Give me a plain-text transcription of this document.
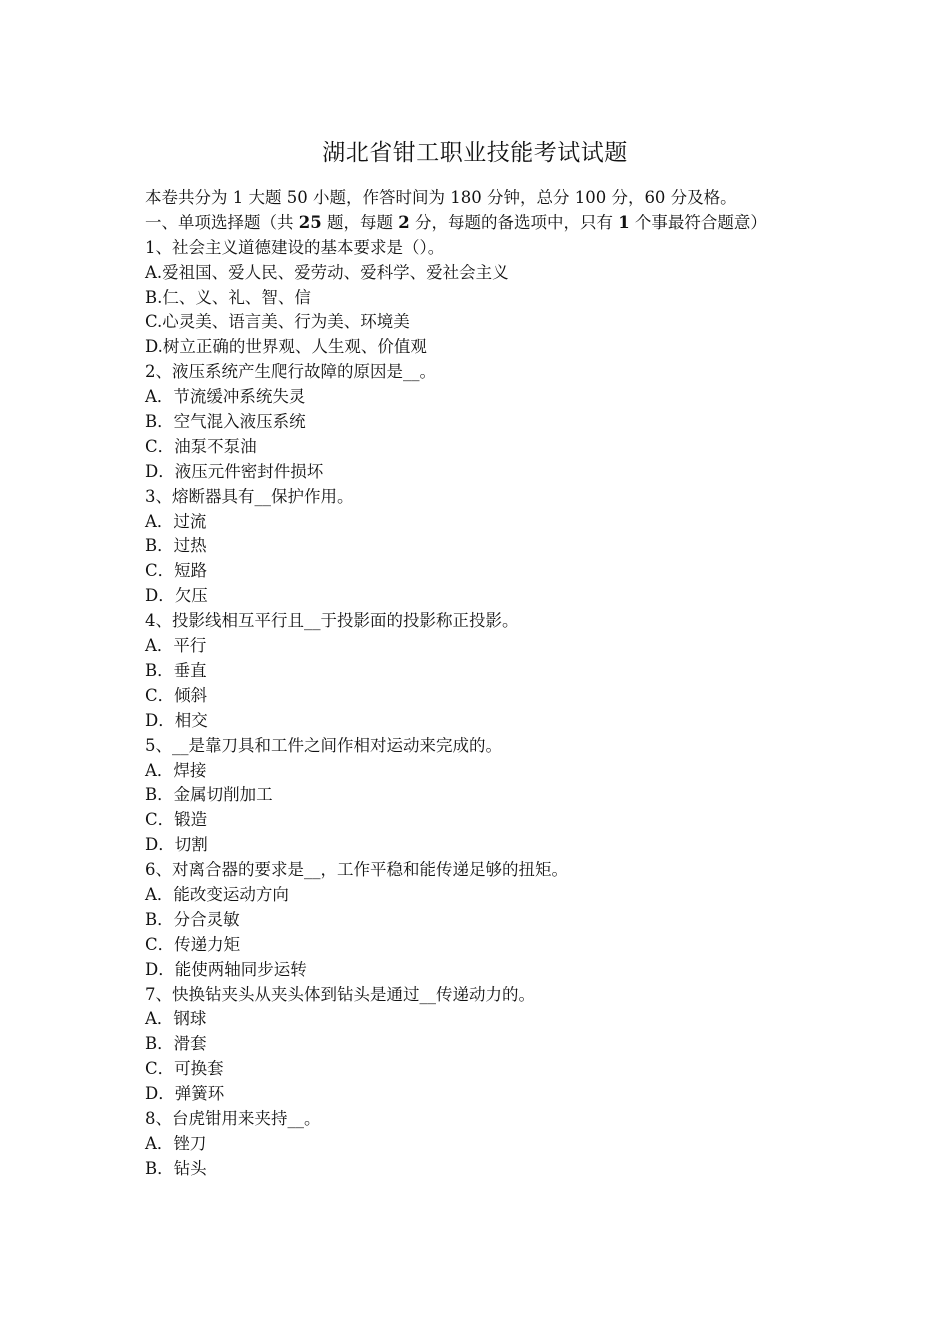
湖北省钳工职业技能考试试题
本卷共分为 1 大题 50 小题，作答时间为 180 分钟，总分 100 分，60 分及格。
一、单项选择题（共 25 题，每题 2 分，每题的备选项中，只有 1 个事最符合题意）
1、社会主义道德建设的基本要求是（）。
A.爱祖国、爱人民、爱劳动、爱科学、爱社会主义
B.仁、义、礼、智、信
C.心灵美、语言美、行为美、环境美
D.树立正确的世界观、人生观、价值观
2、液压系统产生爬行故障的原因是__。
A．节流缓冲系统失灵
B．空气混入液压系统
C．油泵不泵油
D．液压元件密封件损坏
3、熔断器具有__保护作用。
A．过流
B．过热
C．短路
D．欠压
4、投影线相互平行且__于投影面的投影称正投影。
A．平行
B．垂直
C．倾斜
D．相交
5、__是靠刀具和工件之间作相对运动来完成的。
A．焊接
B．金属切削加工
C．锻造
D．切割
6、对离合器的要求是__，工作平稳和能传递足够的扭矩。
A．能改变运动方向
B．分合灵敏
C．传递力矩
D．能使两轴同步运转
7、快换钻夹头从夹头体到钻头是通过__传递动力的。
A．钢球
B．滑套
C．可换套
D．弹簧环
8、台虎钳用来夹持__。
A．锉刀
B．钻头
